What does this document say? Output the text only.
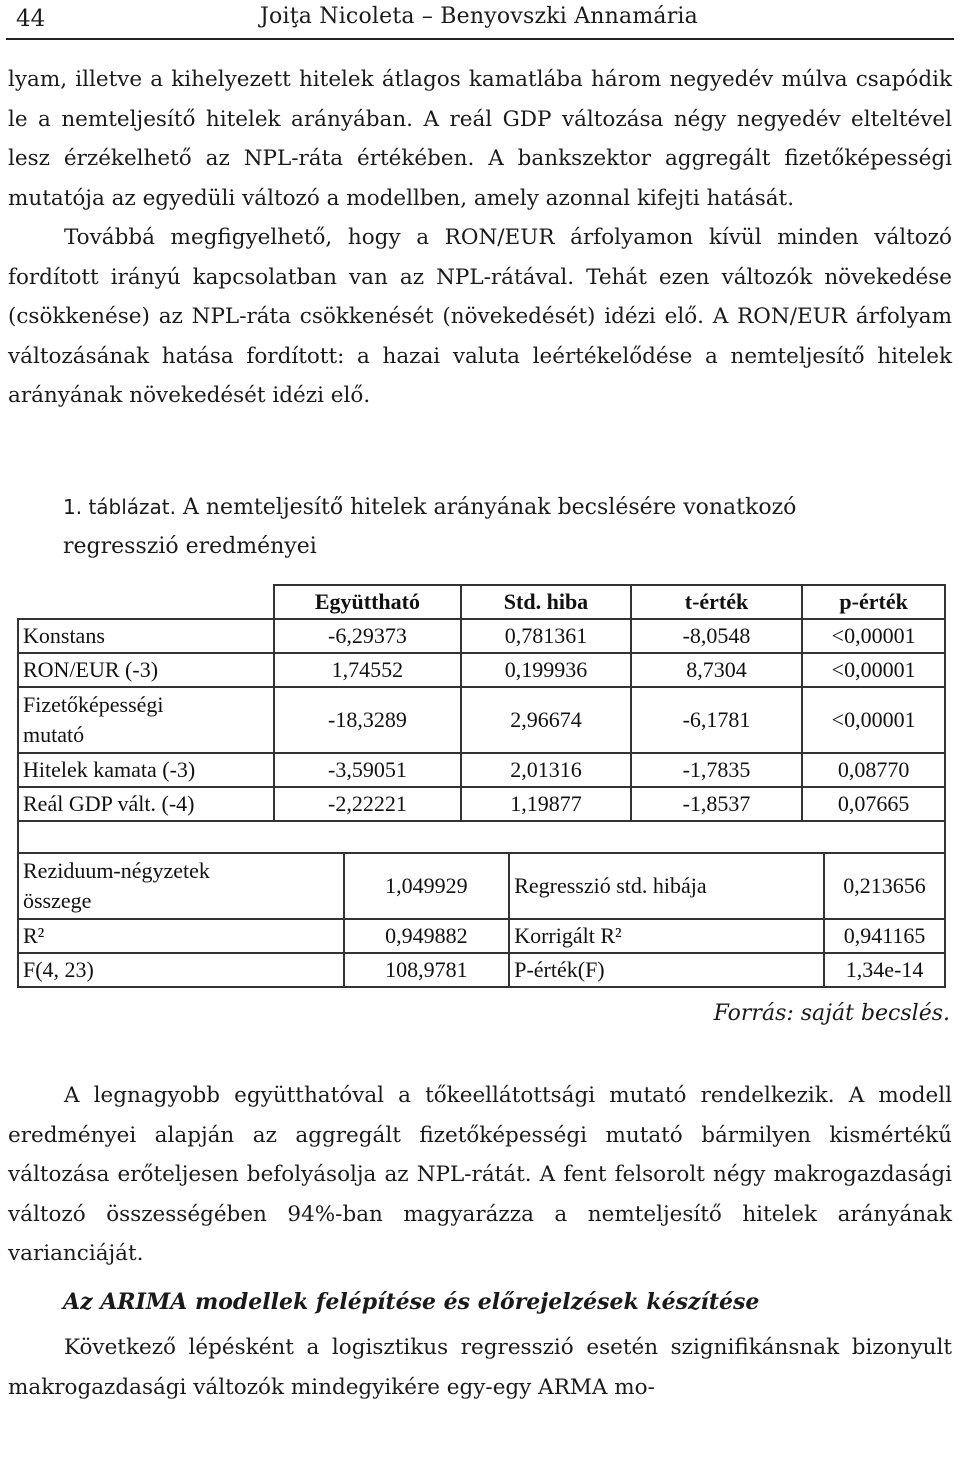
44	Joiţa Nicoleta – Benyovszki Annamária

lyam, illetve a kihelyezett hitelek átlagos kamatlába három negyedév múlva csapódik le a nemteljesítő hitelek arányában. A reál GDP változása négy negyedév elteltével lesz érzékelhető az NPL-ráta értékében. A bankszektor aggregált fizetőképességi mutatója az egyedüli változó a modellben, amely azonnal kifejti hatását.

Továbbá megfigyelhető, hogy a RON/EUR árfolyamon kívül minden változó fordított irányú kapcsolatban van az NPL-rátával. Tehát ezen változók növekedése (csökkenése) az NPL-ráta csökkenését (növekedését) idézi elő. A RON/EUR árfolyam változásának hatása fordított: a hazai valuta leértékelődése a nemteljesítő hitelek arányának növekedését idézi elő.

1. táblázat. A nemteljesítő hitelek arányának becslésére vonatkozó regresszió eredményei
	Együttható	Std. hiba	t-érték	p-érték
Konstans	-6,29373	0,781361	-8,0548	<0,00001
RON/EUR (-3)	1,74552	0,199936	8,7304	<0,00001
Fizetőképességi mutató	-18,3289	2,96674	-6,1781	<0,00001
Hitelek kamata (-3)	-3,59051	2,01316	-1,7835	0,08770
Reál GDP vált. (-4)	-2,22221	1,19877	-1,8537	0,07665

Reziduum-négyzetek összege	1,049929	Regresszió std. hibája	0,213656
R²	0,949882	Korrigált R²	0,941165
F(4, 23)	108,9781	P-érték(F)	1,34e-14
Forrás: saját becslés.

A legnagyobb együtthatóval a tőkeellátottsági mutató rendelkezik. A modell eredményei alapján az aggregált fizetőképességi mutató bármilyen kismértékű változása erőteljesen befolyásolja az NPL-rátát. A fent felsorolt négy makrogazdasági változó összességében 94%-ban magyarázza a nemteljesítő hitelek arányának varianciáját.

Az ARIMA modellek felépítése és előrejelzések készítése

Következő lépésként a logisztikus regresszió esetén szignifikánsnak bizonyult makrogazdasági változók mindegyikére egy-egy ARMA mo-
